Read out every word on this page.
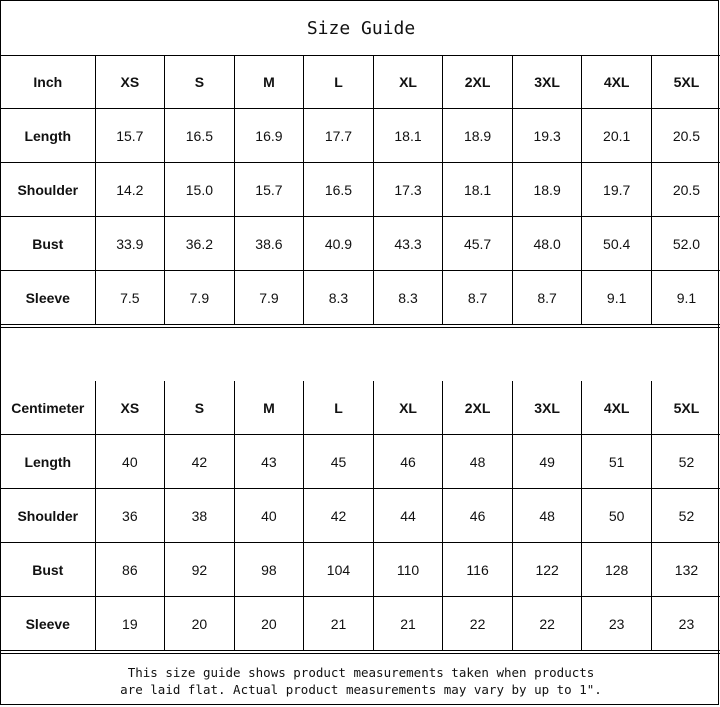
Size Guide
Inch	XS	S	M	L	XL	2XL	3XL	4XL	5XL
Length	15.7	16.5	16.9	17.7	18.1	18.9	19.3	20.1	20.5
Shoulder	14.2	15.0	15.7	16.5	17.3	18.1	18.9	19.7	20.5
Bust	33.9	36.2	38.6	40.9	43.3	45.7	48.0	50.4	52.0
Sleeve	7.5	7.9	7.9	8.3	8.3	8.7	8.7	9.1	9.1
Centimeter	XS	S	M	L	XL	2XL	3XL	4XL	5XL
Length	40	42	43	45	46	48	49	51	52
Shoulder	36	38	40	42	44	46	48	50	52
Bust	86	92	98	104	110	116	122	128	132
Sleeve	19	20	20	21	21	22	22	23	23
This size guide shows product measurements taken when products
are laid flat. Actual product measurements may vary by up to 1".
